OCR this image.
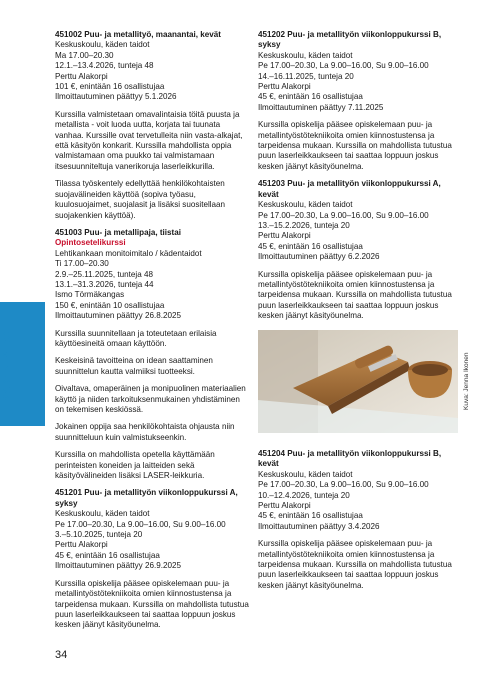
KÄDENTAIDOT
451002 Puu- ja metallityö, maanantai, kevät
Keskuskoulu, käden taidot
Ma 17.00–20.30
12.1.–13.4.2026, tunteja 48
Perttu Alakorpi
101 €, enintään 16 osallistujaa
Ilmoittautuminen päättyy 5.1.2026

Kurssilla valmistetaan omavalintaisia töitä puusta ja metallista - voit luoda uutta, korjata tai tuunata vanhaa. Kurssille ovat tervetulleita niin vasta-alkajat, että käsityön konkarit. Kurssilla mahdollista oppia valmistamaan oma puukko tai valmistamaan itsesuunniteltuja vanerikoruja laserleikkurilla.

Tilassa työskentely edellyttää henkilökohtaisten suojavälineiden käyttöä (sopiva työasu, kuulosuojaimet, suojalasit ja lisäksi suositellaan suojakenkien käyttöä).

451003 Puu- ja metallipaja, tiistai
Opintosetelikurssi
Lehtikankaan monitoimitalo / kädentaidot
Ti 17.00–20.30
2.9.–25.11.2025, tunteja 48
13.1.–31.3.2026, tunteja 44
Ismo Törmäkangas
150 €, enintään 10 osallistujaa
Ilmoittautuminen päättyy 26.8.2025

Kurssilla suunnitellaan ja toteutetaan erilaisia käyttöesineitä omaan käyttöön.

Keskeisinä tavoitteina on idean saattaminen suunnittelun kautta valmiiksi tuotteeksi.

Oivaltava, omaperäinen ja monipuolinen materiaalien käyttö ja niiden tarkoituksenmukainen yhdistäminen on tekemisen keskiössä.

Jokainen oppija saa henkilökohtaista ohjausta niin suunnitteluun kuin valmistukseenkin.

Kurssilla on mahdollista opetella käyttämään perinteisten koneiden ja laitteiden sekä käsityövälineiden lisäksi LASER-leikkuria.

451201 Puu- ja metallityön viikonloppukurssi A, syksy
Keskuskoulu, käden taidot
Pe 17.00–20.30, La 9.00–16.00, Su 9.00–16.00
3.–5.10.2025, tunteja 20
Perttu Alakorpi
45 €, enintään 16 osallistujaa
Ilmoittautuminen päättyy 26.9.2025

Kurssilla opiskelija pääsee opiskelemaan puu- ja metallintyöstötekniikoita omien kiinnostustensa ja tarpeidensa mukaan. Kurssilla on mahdollista tutustua puun laserleikkaukseen tai saattaa loppuun joskus kesken jäänyt käsityöunelma.

451202 Puu- ja metallityön viikonloppukurssi B, syksy
Keskuskoulu, käden taidot
Pe 17.00–20.30, La 9.00–16.00, Su 9.00–16.00
14.–16.11.2025, tunteja 20
Perttu Alakorpi
45 €, enintään 16 osallistujaa
Ilmoittautuminen päättyy 7.11.2025

Kurssilla opiskelija pääsee opiskelemaan puu- ja metallintyöstötekniikoita omien kiinnostustensa ja tarpeidensa mukaan. Kurssilla on mahdollista tutustua puun laserleikkaukseen tai saattaa loppuun joskus kesken jäänyt käsityöunelma.

451203 Puu- ja metallityön viikonloppukurssi A, kevät
Keskuskoulu, käden taidot
Pe 17.00–20.30, La 9.00–16.00, Su 9.00–16.00
13.–15.2.2026, tunteja 20
Perttu Alakorpi
45 €, enintään 16 osallistujaa
Ilmoittautuminen päättyy 6.2.2026

Kurssilla opiskelija pääsee opiskelemaan puu- ja metallintyöstötekniikoita omien kiinnostustensa ja tarpeidensa mukaan. Kurssilla on mahdollista tutustua puun laserleikkaukseen tai saattaa loppuun joskus kesken jäänyt käsityöunelma.

451204 Puu- ja metallityön viikonloppukurssi B, kevät
Keskuskoulu, käden taidot
Pe 17.00–20.30, La 9.00–16.00, Su 9.00–16.00
10.–12.4.2026, tunteja 20
Perttu Alakorpi
45 €, enintään 16 osallistujaa
Ilmoittautuminen päättyy 3.4.2026

Kurssilla opiskelija pääsee opiskelemaan puu- ja metallintyöstötekniikoita omien kiinnostustensa ja tarpeidensa mukaan. Kurssilla on mahdollista tutustua puun laserleikkaukseen tai saattaa loppuun joskus kesken jäänyt käsityöunelma.

Kuva: Jenna Ikonen
34
